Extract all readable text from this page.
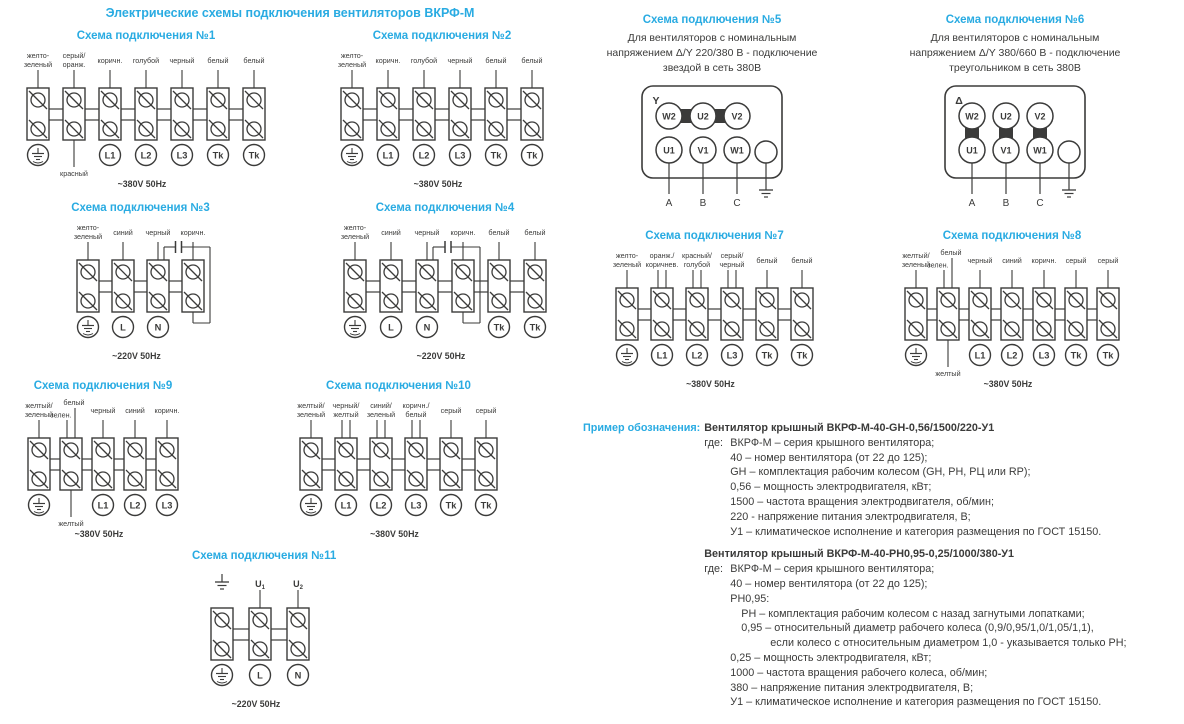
Электрические схемы подключения вентиляторов ВКРФ-М
Схема подключения №1
желто-
зеленый
серый/
оранж.
красный
коричн.
L1
голубой
L2
черный
L3
белый
Tk
белый
Tk
~380V 50Hz
Схема подключения №2
желто-
зеленый коричн.
L1
голубой
L2
черный
L3
белый
Tk
белый
Tk
~380V 50Hz
Схема подключения №3
желто-
зеленый синий
L
черный
N
коричн.
~220V 50Hz
Схема подключения №4
желто-
зеленый синий
L
черный
N
коричн. белый
Tk
белый
Tk
~220V 50Hz
Схема подключения №5
Для вентиляторов с номинальным
напряжением Δ/Y 220/380 В - подключение
звездой в сеть 380В
Y
W2 U2	V2
U1	V1 W1
A	B	C
Схема подключения №6
Для вентиляторов с номинальным
напряжением Δ/Y 380/660 В - подключение
треугольником в сеть 380В
Δ
W2 U2	V2
U1	V1 W1
A	B	C
Схема подключения №7
желто-
зеленый
оранж./
коричнев.
L1
красный/
голубой
L2
серый/
черный
L3
белый
Tk
белый
Tk
~380V 50Hz
Схема подключения №8
желтый/
зеленый
белый
зелен.
желтый
черный
L1
синий
L2
коричн.
L3
серый
Tk
серый
Tk
~380V 50Hz
Схема подключения №9
желтый/
зеленый
белый
зелен.
желтый
черный
L1
синий
L2
коричн.
L3
~380V 50Hz
Схема подключения №10
желтый/
зеленый
черный/
желтый
L1
синий/
зеленый
L2
коричн./
белый
L3
серый
Tk
серый
Tk
~380V 50Hz
Схема подключения №11
$U_1$
L
$U_2$
N
~220V 50Hz
Пример обозначения: Вентилятор крышный ВКРФ-М-40-GH-0,56/1500/220-У1
где: ВКРФ-М – серия крышного вентилятора;
40 – номер вентилятора (от 22 до 125);
GH – комплектация рабочим колесом (GH, PH, РЦ или RP);
0,56 – мощность электродвигателя, кВт;
1500 – частота вращения электродвигателя, об/мин;
220 - напряжение питания электродвигателя, В;
У1 – климатическое исполнение и категория размещения по ГОСТ 15150.
Вентилятор крышный ВКРФ-М-40-РН0,95-0,25/1000/380-У1
где: ВКРФ-М – серия крышного вентилятора;
40 – номер вентилятора (от 22 до 125);
РН0,95:
РН – комплектация рабочим колесом с назад загнутыми лопатками;
0,95 – относительный диаметр рабочего колеса (0,9/0,95/1,0/1,05/1,1),
если колесо с относительным диаметром 1,0 - указывается только РН;
0,25 – мощность электродвигателя, кВт;
1000 – частота вращения рабочего колеса, об/мин;
380 – напряжение питания электродвигателя, В;
У1 – климатическое исполнение и категория размещения по ГОСТ 15150.
